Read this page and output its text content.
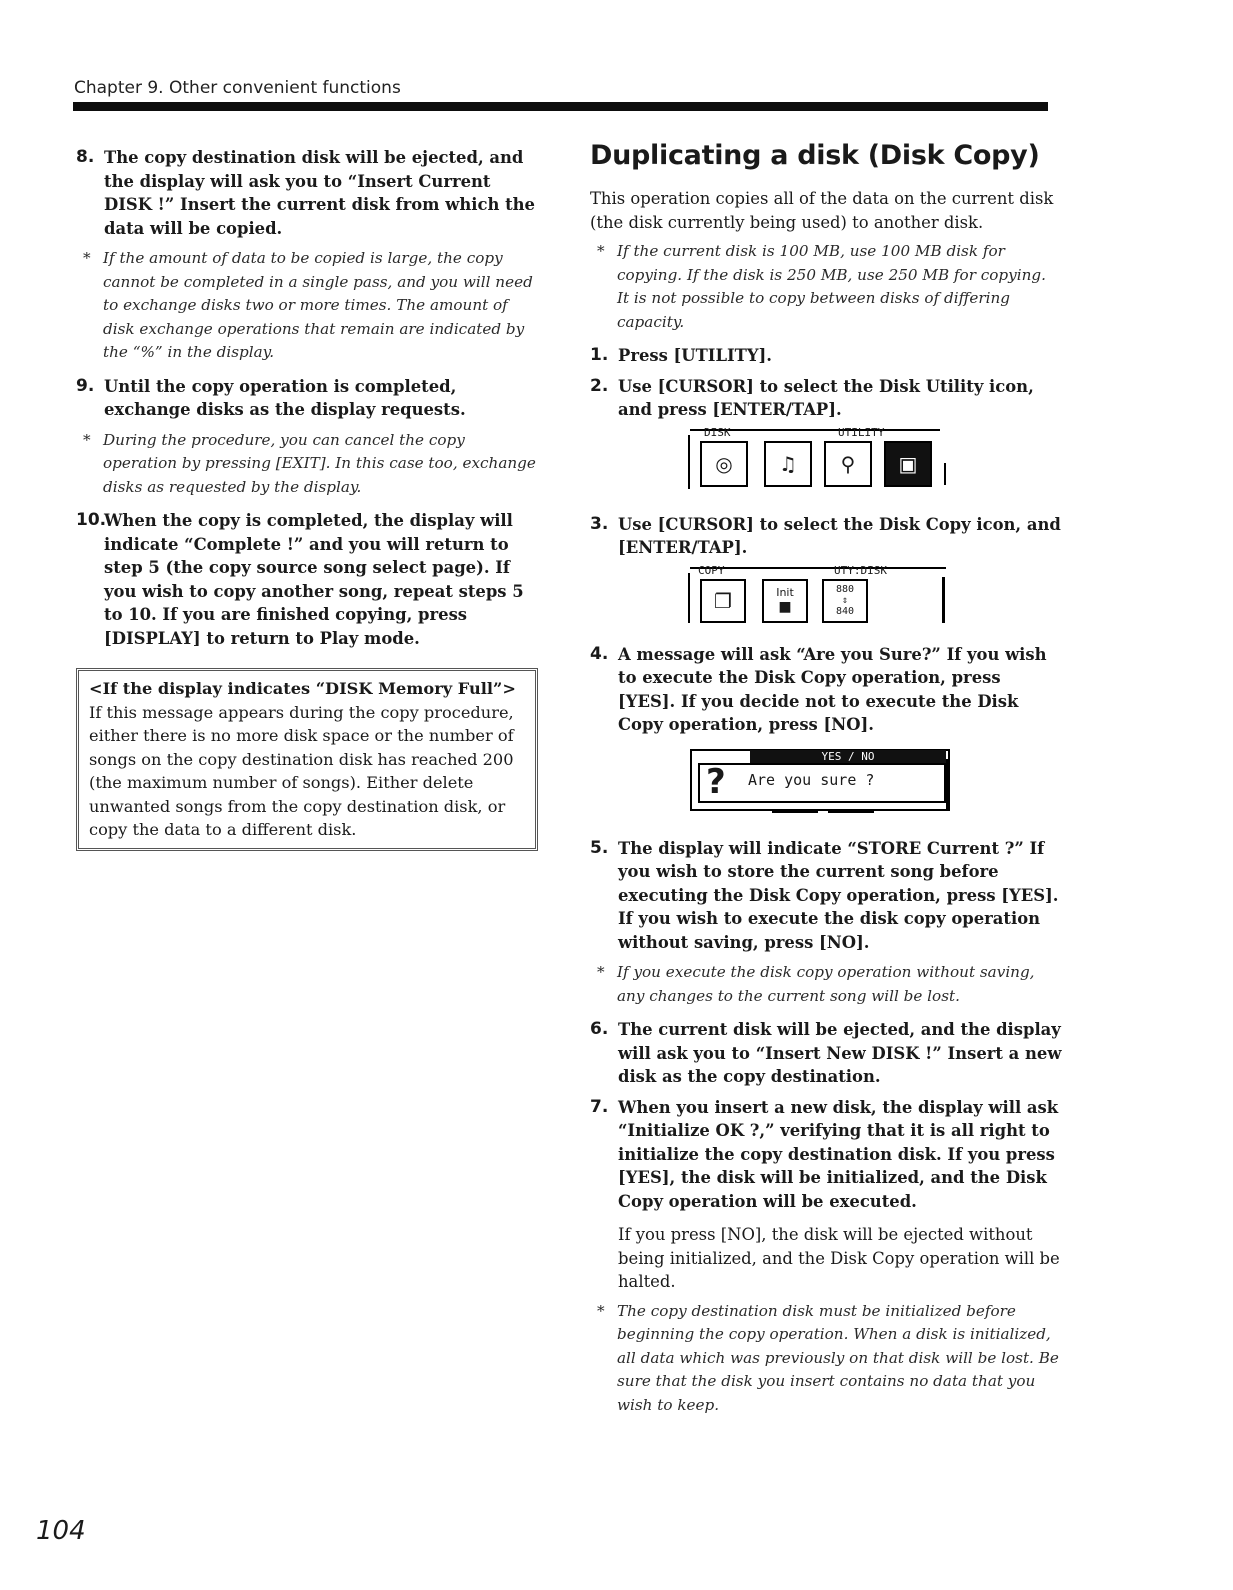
Chapter 9. Other convenient functions
8. The copy destination disk will be ejected, and the display will ask you to “Insert Current DISK !” Insert the current disk from which the data will be copied.
* If the amount of data to be copied is large, the copy cannot be completed in a single pass, and you will need to exchange disks two or more times. The amount of disk exchange operations that remain are indicated by the “%” in the display.
9. Until the copy operation is completed, exchange disks as the display requests.
* During the procedure, you can cancel the copy operation by pressing [EXIT]. In this case too, exchange disks as requested by the display.
10.
When the copy is completed, the display will indicate “Complete !” and you will return to step 5 (the copy source song select page). If you wish to copy another song, repeat steps 5 to 10. If you are finished copying, press [DISPLAY] to return to Play mode.
<If the display indicates “DISK Memory Full”>
If this message appears during the copy procedure, either there is no more disk space or the number of songs on the copy destination disk has reached 200 (the maximum number of songs). Either delete unwanted songs from the copy destination disk, or copy the data to a different disk.
Duplicating a disk (Disk Copy)
This operation copies all of the data on the current disk (the disk currently being used) to another disk.
* If the current disk is 100 MB, use 100 MB disk for copying. If the disk is 250 MB, use 250 MB for copying. It is not possible to copy between disks of differing capacity.
1. Press [UTILITY].
2. Use [CURSOR] to select the Disk Utility icon, and press [ENTER/TAP].
DISK	UTILITY
◎	♫	⚲	▣
3. Use [CURSOR] to select the Disk Copy icon, and [ENTER/TAP].
COPY	UTY:DISK
❐	Init
■
880
⇕
840
4. A message will ask “Are you Sure?” If you wish to execute the Disk Copy operation, press [YES]. If you decide not to execute the Disk Copy operation, press [NO].
YES / NO
? Are you sure ?
5. The display will indicate “STORE Current ?” If you wish to store the current song before executing the Disk Copy operation, press [YES]. If you wish to execute the disk copy operation without saving, press [NO].
* If you execute the disk copy operation without saving, any changes to the current song will be lost.
6. The current disk will be ejected, and the display will ask you to “Insert New DISK !” Insert a new disk as the copy destination.
7. When you insert a new disk, the display will ask “Initialize OK ?,” verifying that it is all right to initialize the copy destination disk. If you press [YES], the disk will be initialized, and the Disk Copy operation will be executed.
If you press [NO], the disk will be ejected without being initialized, and the Disk Copy operation will be halted.
* The copy destination disk must be initialized before beginning the copy operation. When a disk is initialized, all data which was previously on that disk will be lost. Be sure that the disk you insert contains no data that you wish to keep.
104
